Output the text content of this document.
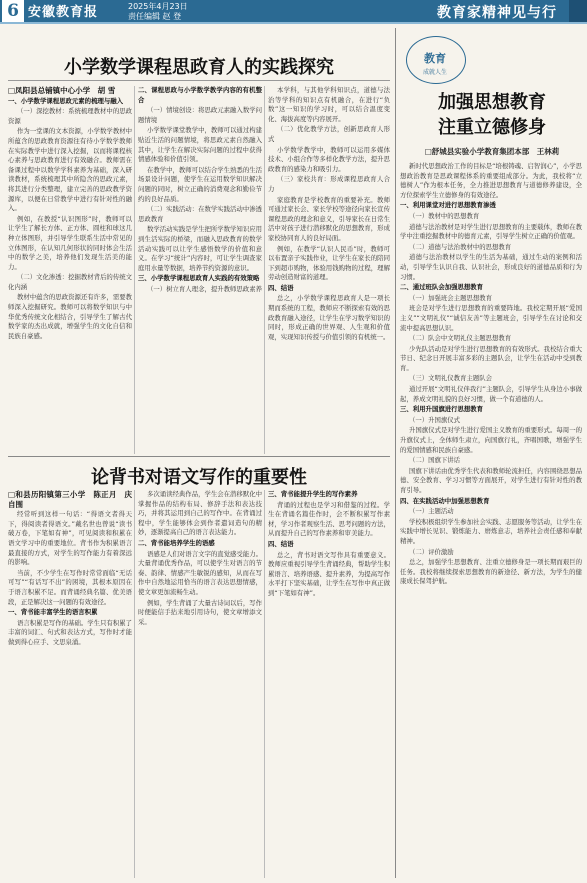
6 安徽教育报	2025年4月23日
责任编辑 赵 登	教育家精神见与行
小学数学课程思政育人的实践探究

□凤阳县总铺镇中心小学　胡 雪

一、小学数学课程思政元素的梳理与融入

（一）深挖教材：系统梳理教材中的思政资源

作为一堂课的文本资源，小学数学教材中所蕴含的思政教育资源往有待小学数学教师在实际教学中进行深入挖掘，以而将课程核心素养与思政教育进行有效融合。教师需在备课过程中以数学学科素养为基础，深入研读教材，系统梳理其中所隐含的思政元素，将其进行分类整理，建立完善的思政教学资源库，以便在日常教学中进行有针对性的融入。

例如，在教授“认识图形”时，教师可以让学生了解长方体、正方体、圆柱和球这几种立体图形，并引导学生联系生活中常见的立体图形，在认知几何形状的同时体会生活中的数学之美，培养他们发现生活美的能力。

（二）文化渗透：挖掘教材背后的传统文化内涵

教材中蕴含的思政资源还有许多，需要教师深入挖掘研究。教师可以将数学知识与中华优秀传统文化相结合，引导学生了解古代数学家的杰出成就，增强学生的文化自信和民族自豪感。

二、课程思政与小学数学教学内容的有机整合

（一）情境创设：将思政元素融入数学问题情境

小学数学课堂教学中，教师可以通过构建贴近生活的问题情境，将思政元素自然融入其中，让学生在解决实际问题的过程中获得情感体验和价值引领。

在教学中，教师可以结合学生熟悉的生活场景设计问题，使学生在运用数学知识解决问题的同时，树立正确的消费观念和勤俭节约的良好品质。

（二）实践活动：在数学实践活动中渗透思政教育

数学活动实践是学生把所学数学知识应用到生活实际的桥梁，而融入思政教育的数学活动实践可以让学生感悟数学的价值和意义。在学习“统计”内容时，可让学生调查家庭用水量等数据，培养节约资源的意识。

三、小学数学课程思政育人实践的有效策略

（一）树立育人理念，提升教师思政素养

本学科，与其他学科知识点，道德与法治等学科的知识点有机融合，在进行“负数”这一知识的学习时，可以结合温度变化、海拔高度等内容展开。

（二）优化教学方法，创新思政育人形式

小学数学教学中，教师可以运用多媒体技术、小组合作等多样化教学方法，提升思政教育的感染力和吸引力。

（三）家校共育：形成课程思政育人合力

家庭教育是学校教育的重要补充。教师可通过家长会、家长学校等途径向家长宣传课程思政的理念和意义，引导家长在日常生活中对孩子进行潜移默化的思想教育，形成家校协同育人的良好局面。

例如，在教学“认识人民币”时，教师可以布置亲子实践作业，让学生在家长的陪同下到超市购物，体验用钱购物的过程，理解劳动创造财富的道理。

四、结语

总之，小学数学课程思政育人是一项长期而系统的工程，教师应不断探索有效的思政教育融入途径，让学生在学习数学知识的同时，形成正确的世界观、人生观和价值观，实现知识传授与价值引领的有机统一。

论背书对语文写作的重要性

□和县历阳镇第三小学　陈正月　庆自围

经常听到这样一句话：“得语文者得天下，得阅读者得语文。”戴名世也曾说“读书破万卷，下笔如有神”，可见阅读和积累在语文学习中的重要地位。背书作为积累语言最直接的方式，对学生的写作能力有着深远的影响。

当前，不少学生在写作时常常面临“无话可写”“有话写不出”的困境，其根本原因在于语言积累不足。而背诵经典名篇、优美语段，正是解决这一问题的有效途径。

一、背书能丰富学生的语言积累

语言积累是写作的基础。学生只有积累了丰富的词汇、句式和表达方式，写作时才能做到得心应手、文思泉涌。

多次诵读经典作品，学生会在潜移默化中掌握作品的结构布局、修辞手法和表达技巧，并将其运用到自己的写作中。在背诵过程中，学生能够体会到作者遣词造句的精妙，逐渐提高自己的语言表达能力。

二、背书能培养学生的语感

语感是人们对语言文字的直觉感受能力。大量背诵优秀作品，可以使学生对语言的节奏、韵律、情感产生敏锐的感知，从而在写作中自然地运用恰当的语言表达思想情感，使文章更加流畅生动。

例如，学生背诵了大量古诗词以后，写作时便能信手拈来地引用诗句，使文章增添文采。

三、背书能提升学生的写作素养

背诵的过程也是学习和借鉴的过程。学生在背诵名篇佳作时，会不断积累写作素材，学习作者观察生活、思考问题的方法，从而提升自己的写作素养和审美能力。

四、结语

总之，背书对语文写作具有重要意义。教师应重视引导学生背诵经典，帮助学生积累语言、培养语感、提升素养，为提高写作水平打下坚实基础，让学生在写作中真正做到“下笔如有神”。

教育
成就人生
加强思想教育
注重立德修身
□舒城县实验小学教育集团本部　王林莉

新时代思想政治工作的目标是“培根铸魂、启智润心”，小学思想政治教育是思政课程体系的重要组成部分。为此，我校将“立德树人”作为根本任务，全力推进思想教育与道德修养建设，全方位探索学生立德修身的有效途径。

一、利用课堂对进行思想教育渗透

（一）教材中的思想教育

道德与法治教材是对学生进行思想教育的主要载体，教师在教学中注重挖掘教材中的德育元素，引导学生树立正确的价值观。

（二）道德与法治教材中的思想教育

道德与法治教材以学生的生活为基础，通过生动的案例和活动，引导学生认识自我、认识社会，形成良好的道德品质和行为习惯。

二、通过班队会加强思想教育

（一）加强班会主题思想教育

班会是对学生进行思想教育的重要阵地。我校定期开展“爱国主义”“文明礼仪”“诚信友善”等主题班会，引导学生在讨论和交流中提高思想认识。

（二）队会中文明礼仪主题思想教育

少先队活动是对学生进行思想教育的有效形式。我校结合重大节日、纪念日开展丰富多彩的主题队会，让学生在活动中受到教育。

（三）文明礼仪教育主题队会

通过开展“文明礼仪伴我行”主题队会，引导学生从身边小事做起，养成文明礼貌的良好习惯，做一个有道德的人。

三、利用升国旗进行思想教育

（一）升国旗仪式

升国旗仪式是对学生进行爱国主义教育的重要形式。每周一的升旗仪式上，全体师生肃立，向国旗行礼，齐唱国歌，增强学生的爱国情感和民族自豪感。

（二）国旗下讲话

国旗下讲话由优秀学生代表和教师轮流担任，内容围绕思想品德、安全教育、学习习惯等方面展开，对学生进行有针对性的教育引导。

四、在实践活动中加强思想教育

（一）主题活动

学校积极组织学生参加社会实践、志愿服务等活动，让学生在实践中增长见识、锻炼能力、磨炼意志，培养社会责任感和奉献精神。

（二）评价激励

总之，加强学生思想教育、注重立德修身是一项长期而艰巨的任务。我校将继续探索思想教育的新途径、新方法，为学生的健康成长保驾护航。
